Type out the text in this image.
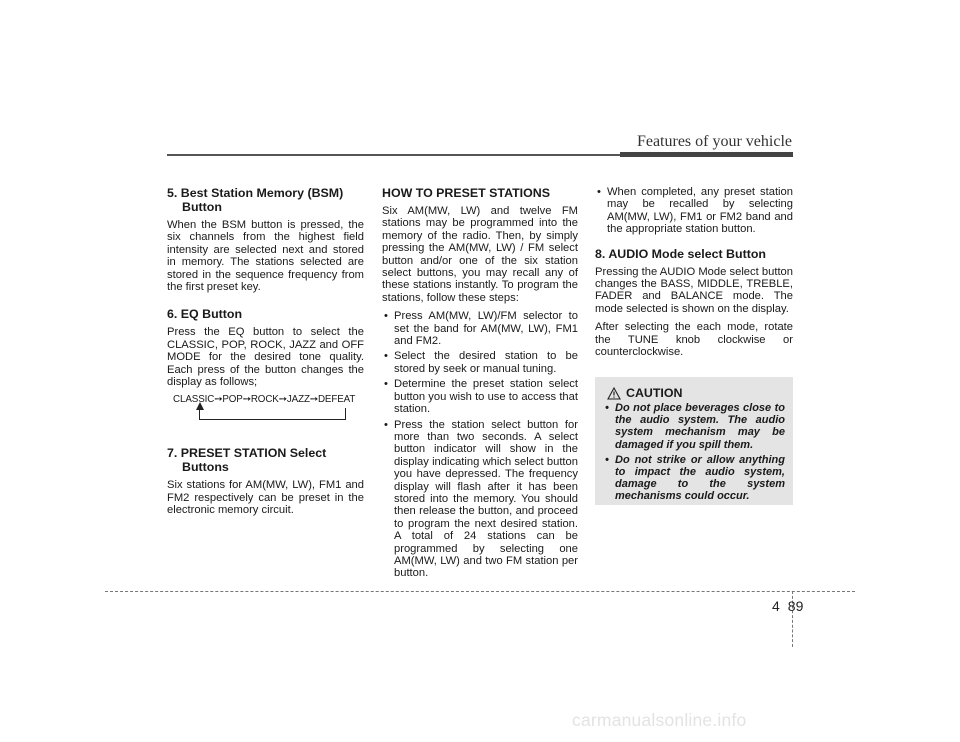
Features of your vehicle
5. Best Station Memory (BSM) Button

When the BSM button is pressed, the six channels from the highest field intensity are selected next and stored in memory. The stations selected are stored in the sequence frequency from the first preset key.

6. EQ Button

Press the EQ button to select the CLASSIC, POP, ROCK, JAZZ and OFF MODE for the desired tone quality. Each press of the button changes the display as follows;

CLASSIC➙POP➙ROCK➙JAZZ➙DEFEAT
7. PRESET STATION Select Buttons

Six stations for AM(MW, LW), FM1 and FM2 respectively can be preset in the electronic memory circuit.

HOW TO PRESET STATIONS

Six AM(MW, LW) and twelve FM stations may be programmed into the memory of the radio. Then, by simply pressing the AM(MW, LW) / FM select button and/or one of the six station select buttons, you may recall any of these stations instantly. To program the stations, follow these steps:

• Press AM(MW, LW)/FM selector to set the band for AM(MW, LW), FM1 and FM2.
• Select the desired station to be stored by seek or manual tuning.
• Determine the preset station select button you wish to use to access that station.
• Press the station select button for more than two seconds. A select button indicator will show in the display indicating which select button you have depressed. The frequency display will flash after it has been stored into the memory. You should then release the button, and proceed to program the next desired station. A total of 24 stations can be programmed by selecting one AM(MW, LW) and two FM station per button.
• When completed, any preset station may be recalled by selecting AM(MW, LW), FM1 or FM2 band and the appropriate station button.
8. AUDIO Mode select Button

Pressing the AUDIO Mode select button changes the BASS, MIDDLE, TREBLE, FADER and BALANCE mode. The mode selected is shown on the display.

After selecting the each mode, rotate the TUNE knob clockwise or counterclockwise.

CAUTION
• Do not place beverages close to the audio system. The audio system mechanism may be damaged if you spill them.
• Do not strike or allow anything to impact the audio system, damage to the system mechanisms could occur.
4 89
carmanualsonline.info
